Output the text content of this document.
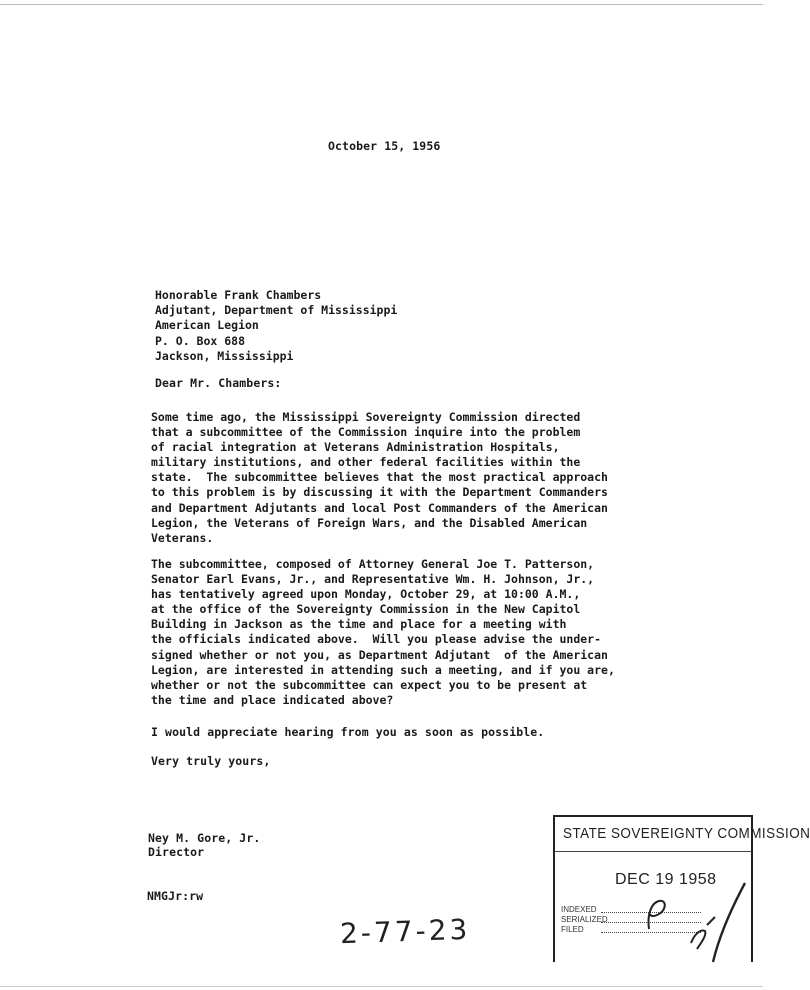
October 15, 1956
Honorable Frank Chambers
Adjutant, Department of Mississippi
American Legion
P. O. Box 688
Jackson, Mississippi
Dear Mr. Chambers:
Some time ago, the Mississippi Sovereignty Commission directed
that a subcommittee of the Commission inquire into the problem
of racial integration at Veterans Administration Hospitals,
military institutions, and other federal facilities within the
state.  The subcommittee believes that the most practical approach
to this problem is by discussing it with the Department Commanders
and Department Adjutants and local Post Commanders of the American
Legion, the Veterans of Foreign Wars, and the Disabled American
Veterans.
The subcommittee, composed of Attorney General Joe T. Patterson,
Senator Earl Evans, Jr., and Representative Wm. H. Johnson, Jr.,
has tentatively agreed upon Monday, October 29, at 10:00 A.M.,
at the office of the Sovereignty Commission in the New Capitol
Building in Jackson as the time and place for a meeting with
the officials indicated above.  Will you please advise the under-
signed whether or not you, as Department Adjutant  of the American
Legion, are interested in attending such a meeting, and if you are,
whether or not the subcommittee can expect you to be present at
the time and place indicated above?
I would appreciate hearing from you as soon as possible.
Very truly yours,
Ney M. Gore, Jr.
Director
NMGJr:rw
2-77-23
STATE SOVEREIGNTY COMMISSION
DEC 19 1958
INDEXED
SERIALIZED
FILED
